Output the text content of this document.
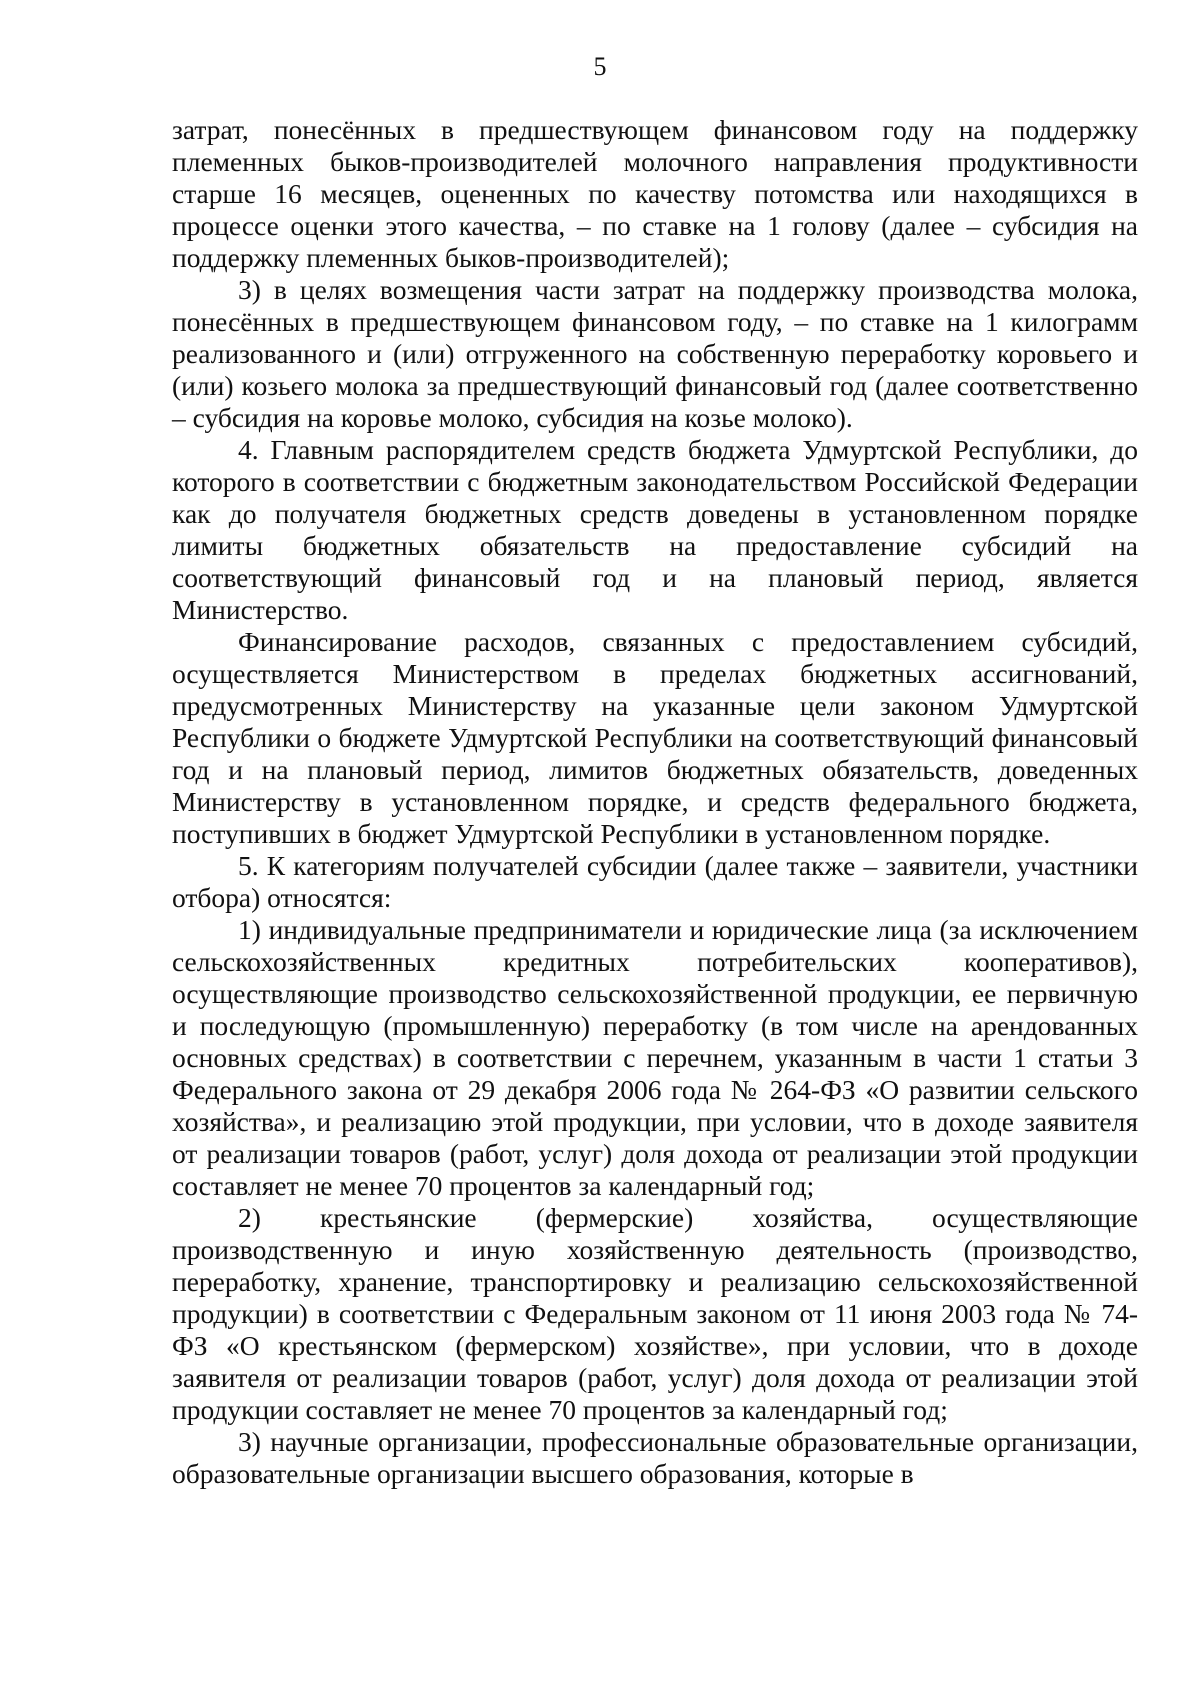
5

затрат, понесённых в предшествующем финансовом году на поддержку племенных быков-производителей молочного направления продуктивности старше 16 месяцев, оцененных по качеству потомства или находящихся в процессе оценки этого качества, – по ставке на 1 голову (далее – субсидия на поддержку племенных быков-производителей);

3) в целях возмещения части затрат на поддержку производства молока, понесённых в предшествующем финансовом году, – по ставке на 1 килограмм реализованного и (или) отгруженного на собственную переработку коровьего и (или) козьего молока за предшествующий финансовый год (далее соответственно – субсидия на коровье молоко, субсидия на козье молоко).

4. Главным распорядителем средств бюджета Удмуртской Республики, до которого в соответствии с бюджетным законодательством Российской Федерации как до получателя бюджетных средств доведены в установленном порядке лимиты бюджетных обязательств на предоставление субсидий на соответствующий финансовый год и на плановый период, является Министерство.

Финансирование расходов, связанных с предоставлением субсидий, осуществляется Министерством в пределах бюджетных ассигнований, предусмотренных Министерству на указанные цели законом Удмуртской Республики о бюджете Удмуртской Республики на соответствующий финансовый год и на плановый период, лимитов бюджетных обязательств, доведенных Министерству в установленном порядке, и средств федерального бюджета, поступивших в бюджет Удмуртской Республики в установленном порядке.

5. К категориям получателей субсидии (далее также – заявители, участники отбора) относятся:

1) индивидуальные предприниматели и юридические лица (за исключением сельскохозяйственных кредитных потребительских кооперативов), осуществляющие производство сельскохозяйственной продукции, ее первичную и последующую (промышленную) переработку (в том числе на арендованных основных средствах) в соответствии с перечнем, указанным в части 1 статьи 3 Федерального закона от 29 декабря 2006 года № 264-ФЗ «О развитии сельского хозяйства», и реализацию этой продукции, при условии, что в доходе заявителя от реализации товаров (работ, услуг) доля дохода от реализации этой продукции составляет не менее 70 процентов за календарный год;

2) крестьянские (фермерские) хозяйства, осуществляющие производственную и иную хозяйственную деятельность (производство, переработку, хранение, транспортировку и реализацию сельскохозяйственной продукции) в соответствии с Федеральным законом от 11 июня 2003 года № 74-ФЗ «О крестьянском (фермерском) хозяйстве», при условии, что в доходе заявителя от реализации товаров (работ, услуг) доля дохода от реализации этой продукции составляет не менее 70 процентов за календарный год;

3) научные организации, профессиональные образовательные организации, образовательные организации высшего образования, которые в
